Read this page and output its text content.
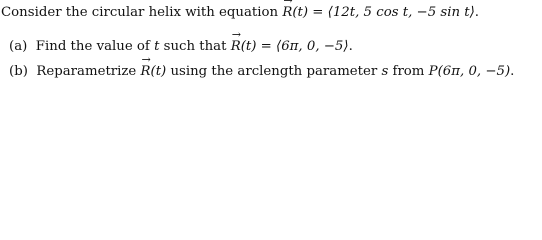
Consider the circular helix with equation → R(t) = ⟨12t, 5 cos t, −5 sin t⟩.
(a) Find the value of t such that → R(t) = ⟨6π, 0, −5⟩.
(b) Reparametrize → R(t) using the arclength parameter s from P(6π, 0, −5).
